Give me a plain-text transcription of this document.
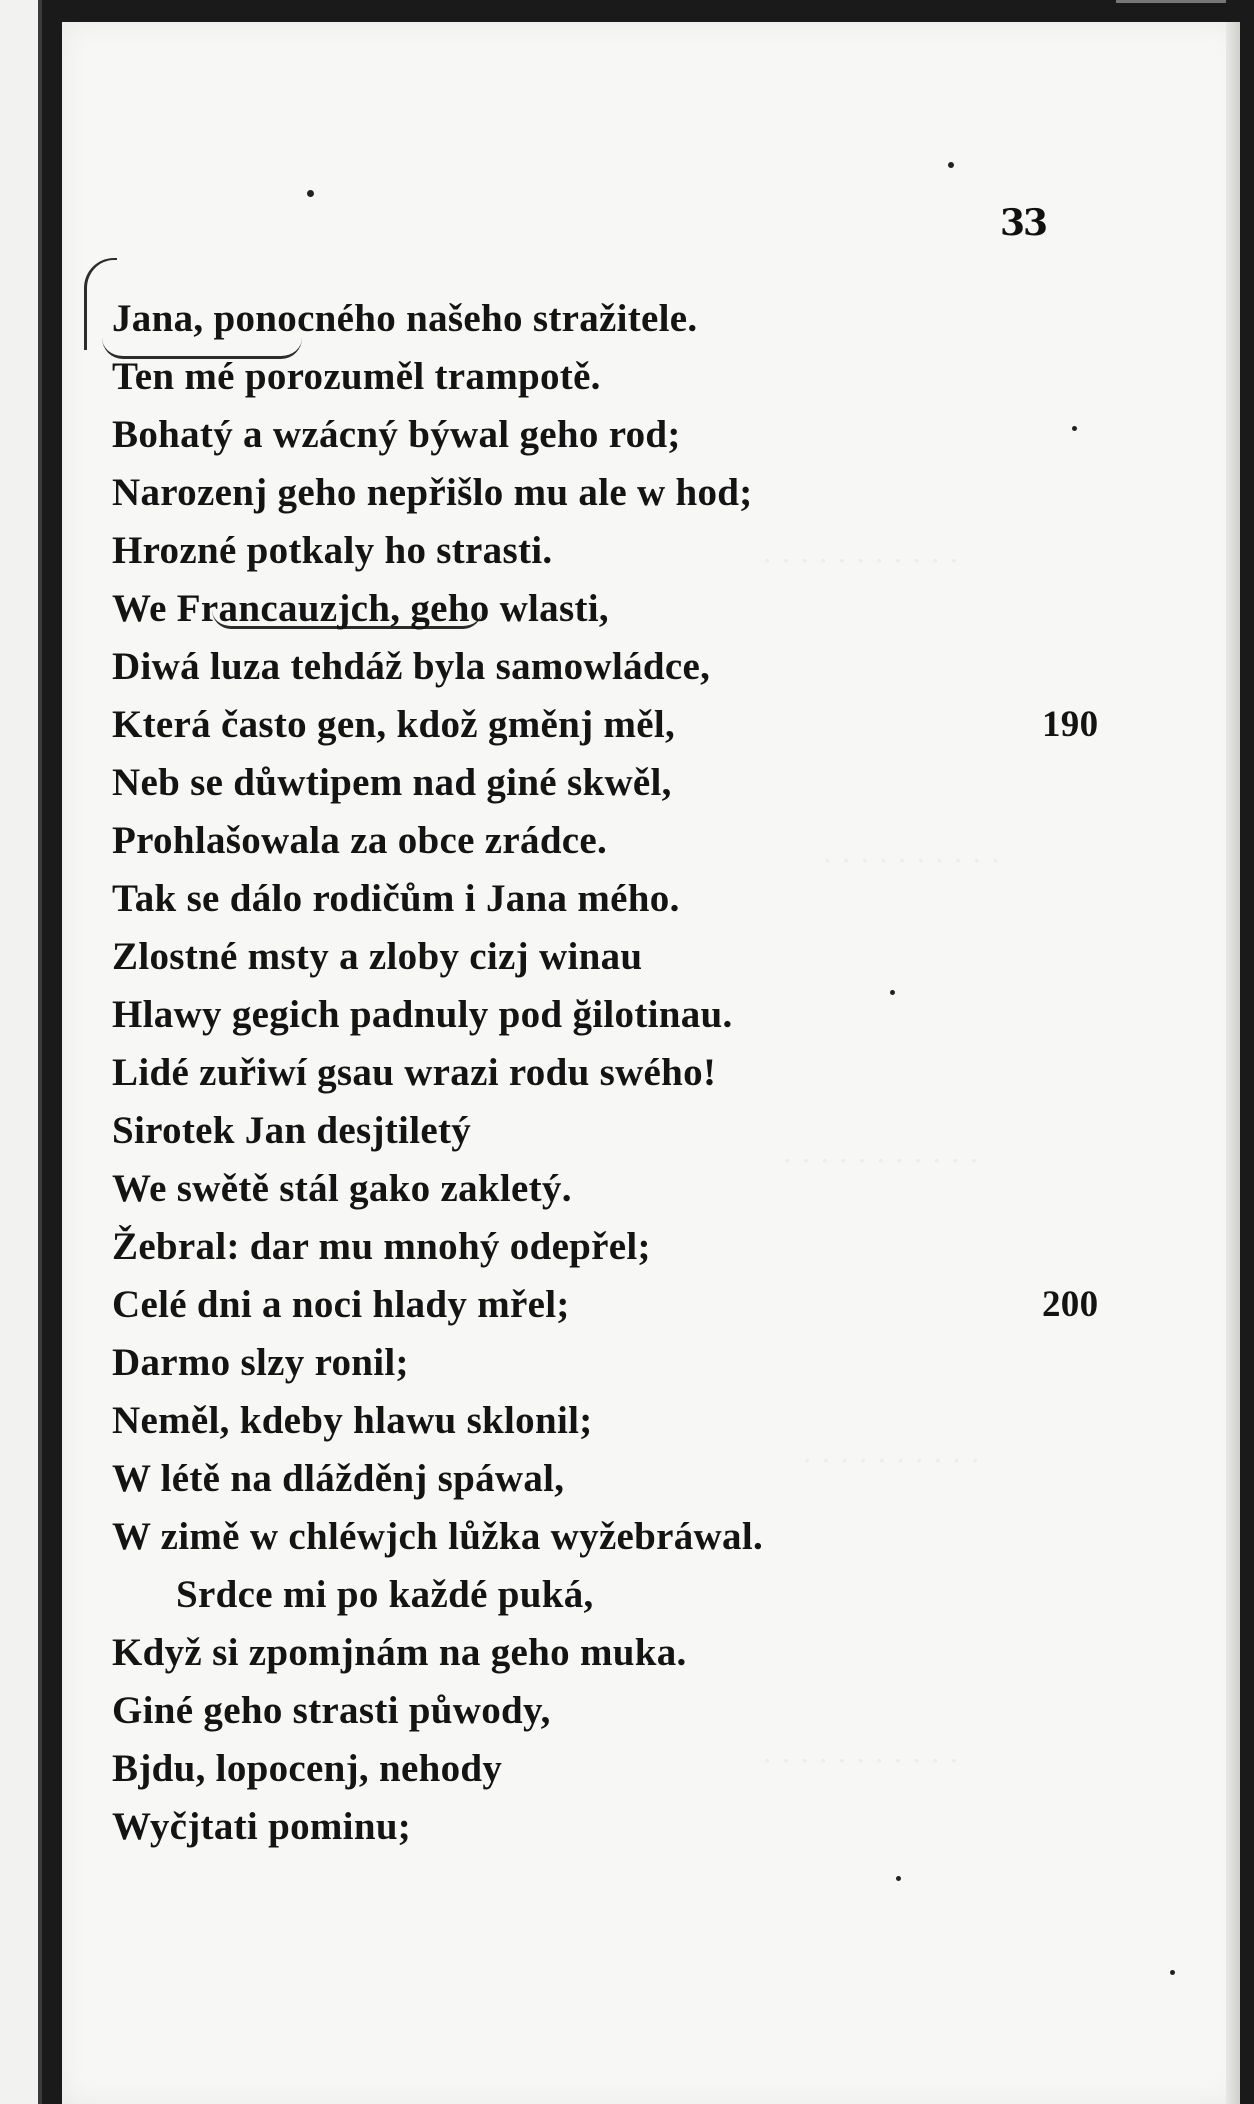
33
Jana, ponocného našeho stražitele.
Ten mé porozuměl trampotě.
Bohatý a wzácný býwal geho rod;
Narozenj geho nepřišlo mu ale w hod;
Hrozné potkaly ho strasti.
We Francauzjch, geho wlasti,
Diwá luza tehdáž byla samowládce,
Která často gen, kdož gměnj měl,	190
Neb se důwtipem nad giné skwěl,
Prohlašowala za obce zrádce.
Tak se dálo rodičům i Jana mého.
Zlostné msty a zloby cizj winau
Hlawy gegich padnuly pod ğilotinau.
Lidé zuřiwí gsau wrazi rodu swého!
Sirotek Jan desjtiletý
We swětě stál gako zakletý.
Žebral: dar mu mnohý odepřel;
Celé dni a noci hlady mřel;	200
Darmo slzy ronil;
Neměl, kdeby hlawu sklonil;
W létě na dlážděnj spáwal,
W zimě w chléwjch lůžka wyžebráwal.
Srdce mi po každé puká,
Když si zpomjnám na geho muka.
Giné geho strasti půwody,
Bjdu, lopocenj, nehody
Wyčjtati pominu;
